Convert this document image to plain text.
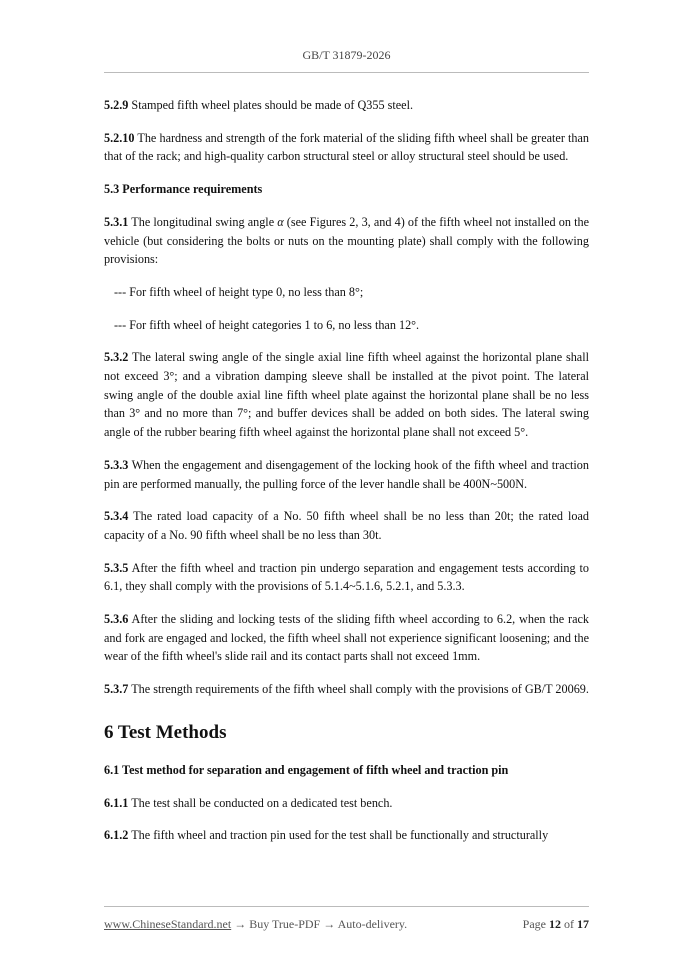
GB/T 31879-2026

5.2.9 Stamped fifth wheel plates should be made of Q355 steel.

5.2.10 The hardness and strength of the fork material of the sliding fifth wheel shall be greater than that of the rack; and high-quality carbon structural steel or alloy structural steel should be used.

5.3 Performance requirements

5.3.1 The longitudinal swing angle α (see Figures 2, 3, and 4) of the fifth wheel not installed on the vehicle (but considering the bolts or nuts on the mounting plate) shall comply with the following provisions:

--- For fifth wheel of height type 0, no less than 8°;

--- For fifth wheel of height categories 1 to 6, no less than 12°.

5.3.2 The lateral swing angle of the single axial line fifth wheel against the horizontal plane shall not exceed 3°; and a vibration damping sleeve shall be installed at the pivot point. The lateral swing angle of the double axial line fifth wheel plate against the horizontal plane shall be no less than 3° and no more than 7°; and buffer devices shall be added on both sides. The lateral swing angle of the rubber bearing fifth wheel against the horizontal plane shall not exceed 5°.

5.3.3 When the engagement and disengagement of the locking hook of the fifth wheel and traction pin are performed manually, the pulling force of the lever handle shall be 400N~500N.

5.3.4 The rated load capacity of a No. 50 fifth wheel shall be no less than 20t; the rated load capacity of a No. 90 fifth wheel shall be no less than 30t.

5.3.5 After the fifth wheel and traction pin undergo separation and engagement tests according to 6.1, they shall comply with the provisions of 5.1.4~5.1.6, 5.2.1, and 5.3.3.

5.3.6 After the sliding and locking tests of the sliding fifth wheel according to 6.2, when the rack and fork are engaged and locked, the fifth wheel shall not experience significant loosening; and the wear of the fifth wheel's slide rail and its contact parts shall not exceed 1mm.

5.3.7 The strength requirements of the fifth wheel shall comply with the provisions of GB/T 20069.

6 Test Methods
6.1 Test method for separation and engagement of fifth wheel and traction pin

6.1.1 The test shall be conducted on a dedicated test bench.

6.1.2 The fifth wheel and traction pin used for the test shall be functionally and structurally

www.ChineseStandard.net → Buy True-PDF → Auto-delivery.	Page 12 of 17
